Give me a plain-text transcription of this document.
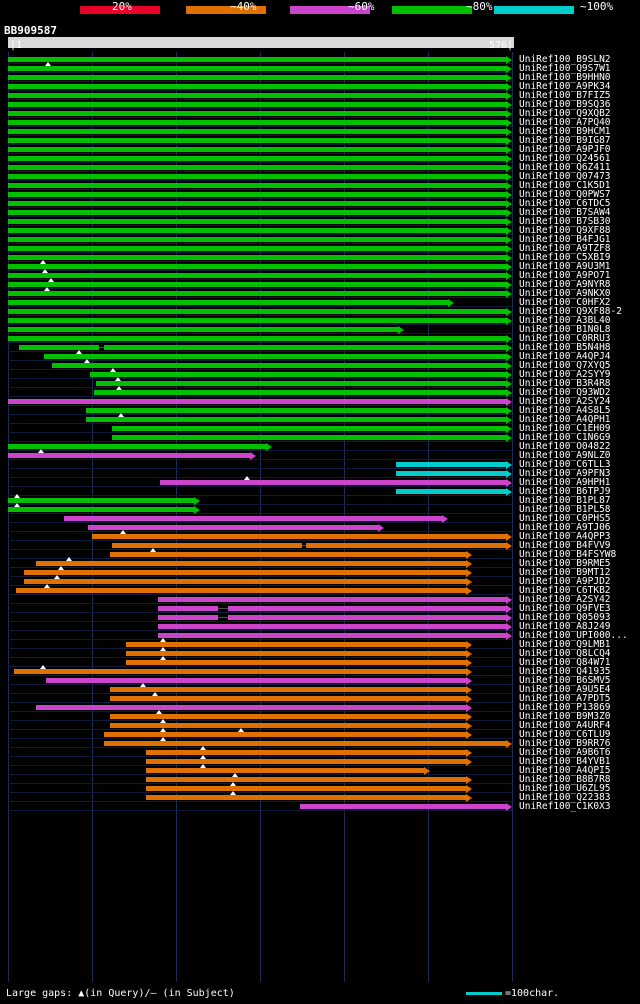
20%	~40%	~60%	~80%	~100%
BB909587
|1	576|
UniRef100_B9SLN2
UniRef100_Q9S7W1
UniRef100_B9HHN0
UniRef100_A9PK34
UniRef100_B7FIZ5
UniRef100_B9SQ36
UniRef100_Q9XQB2
UniRef100_A7PQ40
UniRef100_B9HCM1
UniRef100_B9IG87
UniRef100_A9PJF0
UniRef100_Q24561
UniRef100_Q6Z411
UniRef100_Q07473
UniRef100_C1K5D1
UniRef100_Q0PWS7
UniRef100_C6TDC5
UniRef100_B7SAW4
UniRef100_B7SB30
UniRef100_Q9XF88
UniRef100_B4FJG1
UniRef100_A9TZF8
UniRef100_C5XBI9
UniRef100_A9U3M1
UniRef100_A9PO71
UniRef100_A9NYR8
UniRef100_A9NKX0
UniRef100_C0HFX2
UniRef100_Q9XF88-2
UniRef100_A3BL40
UniRef100_B1N0L8
UniRef100_C0RRU3
UniRef100_B5N4H8
UniRef100_A4QPJ4
UniRef100_Q7XYQ5
UniRef100_A2SYY9
UniRef100_B3R4R8
UniRef100_Q93WD2
UniRef100_A2SY24
UniRef100_A4S8L5
UniRef100_A4QPH1
UniRef100_C1EH09
UniRef100_C1N6G9
UniRef100_O04822
UniRef100_A9NLZ0
UniRef100_C6TLL3
UniRef100_A9PFN3
UniRef100_A9HPH1
UniRef100_B6TPJ9
UniRef100_B1PL87
UniRef100_B1PL58
UniRef100_C0PHS5
UniRef100_A9TJ06
UniRef100_A4QPP3
UniRef100_B4FVV9
UniRef100_B4FSYW8
UniRef100_B9RME5
UniRef100_B9MT12
UniRef100_A9PJD2
UniRef100_C6TKB2
UniRef100_A2SY42
UniRef100_Q9FVE3
UniRef100_Q05093
UniRef100_A8J249
UniRef100_UPI000...
UniRef100_Q9LMB1
UniRef100_Q8LCQ4
UniRef100_Q84W71
UniRef100_Q41935
UniRef100_B6SMV5
UniRef100_A9U5E4
UniRef100_A7PDT5
UniRef100_P13869
UniRef100_B9M3Z0
UniRef100_A4URF4
UniRef100_C6TLU9
UniRef100_B9RR76
UniRef100_A9B6T6
UniRef100_B4YVB1
UniRef100_A4QPI5
UniRef100_B8B7R8
UniRef100_U6ZL95
UniRef100_Q22383
UniRef100_C1K0X3
Large gaps: ▲(in Query)/– (in Subject)	=100char.
